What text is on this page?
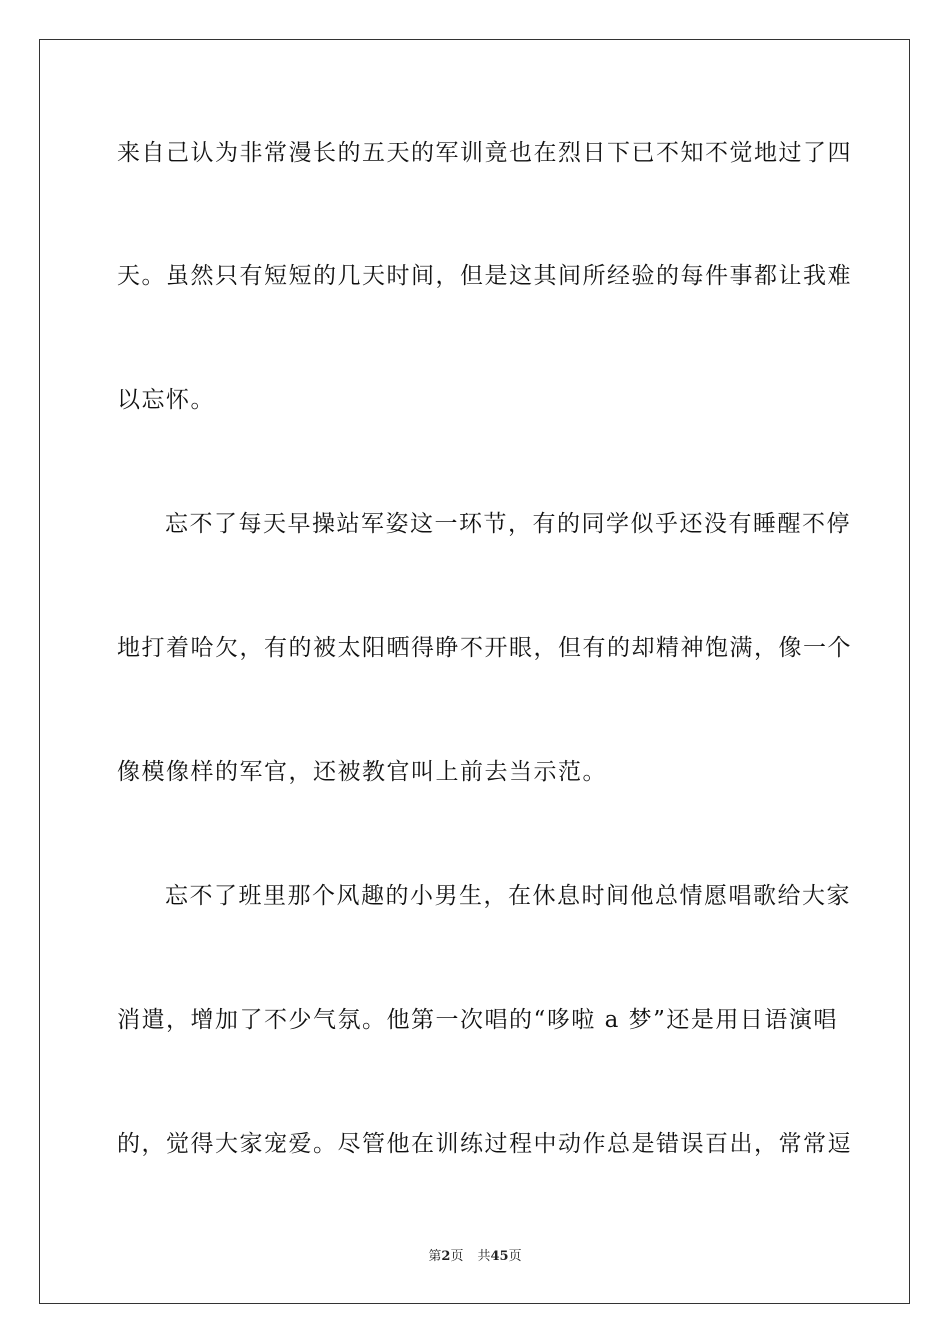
来自己认为非常漫长的五天的军训竟也在烈日下已不知不觉地过了四
天。虽然只有短短的几天时间，但是这其间所经验的每件事都让我难
以忘怀。
忘不了每天早操站军姿这一环节，有的同学似乎还没有睡醒不停
地打着哈欠，有的被太阳晒得睁不开眼，但有的却精神饱满，像一个
像模像样的军官，还被教官叫上前去当示范。
忘不了班里那个风趣的小男生，在休息时间他总情愿唱歌给大家
消遣，增加了不少气氛。他第一次唱的“哆啦 a 梦”还是用日语演唱
的，觉得大家宠爱。尽管他在训练过程中动作总是错误百出，常常逗
第2页 共45页
